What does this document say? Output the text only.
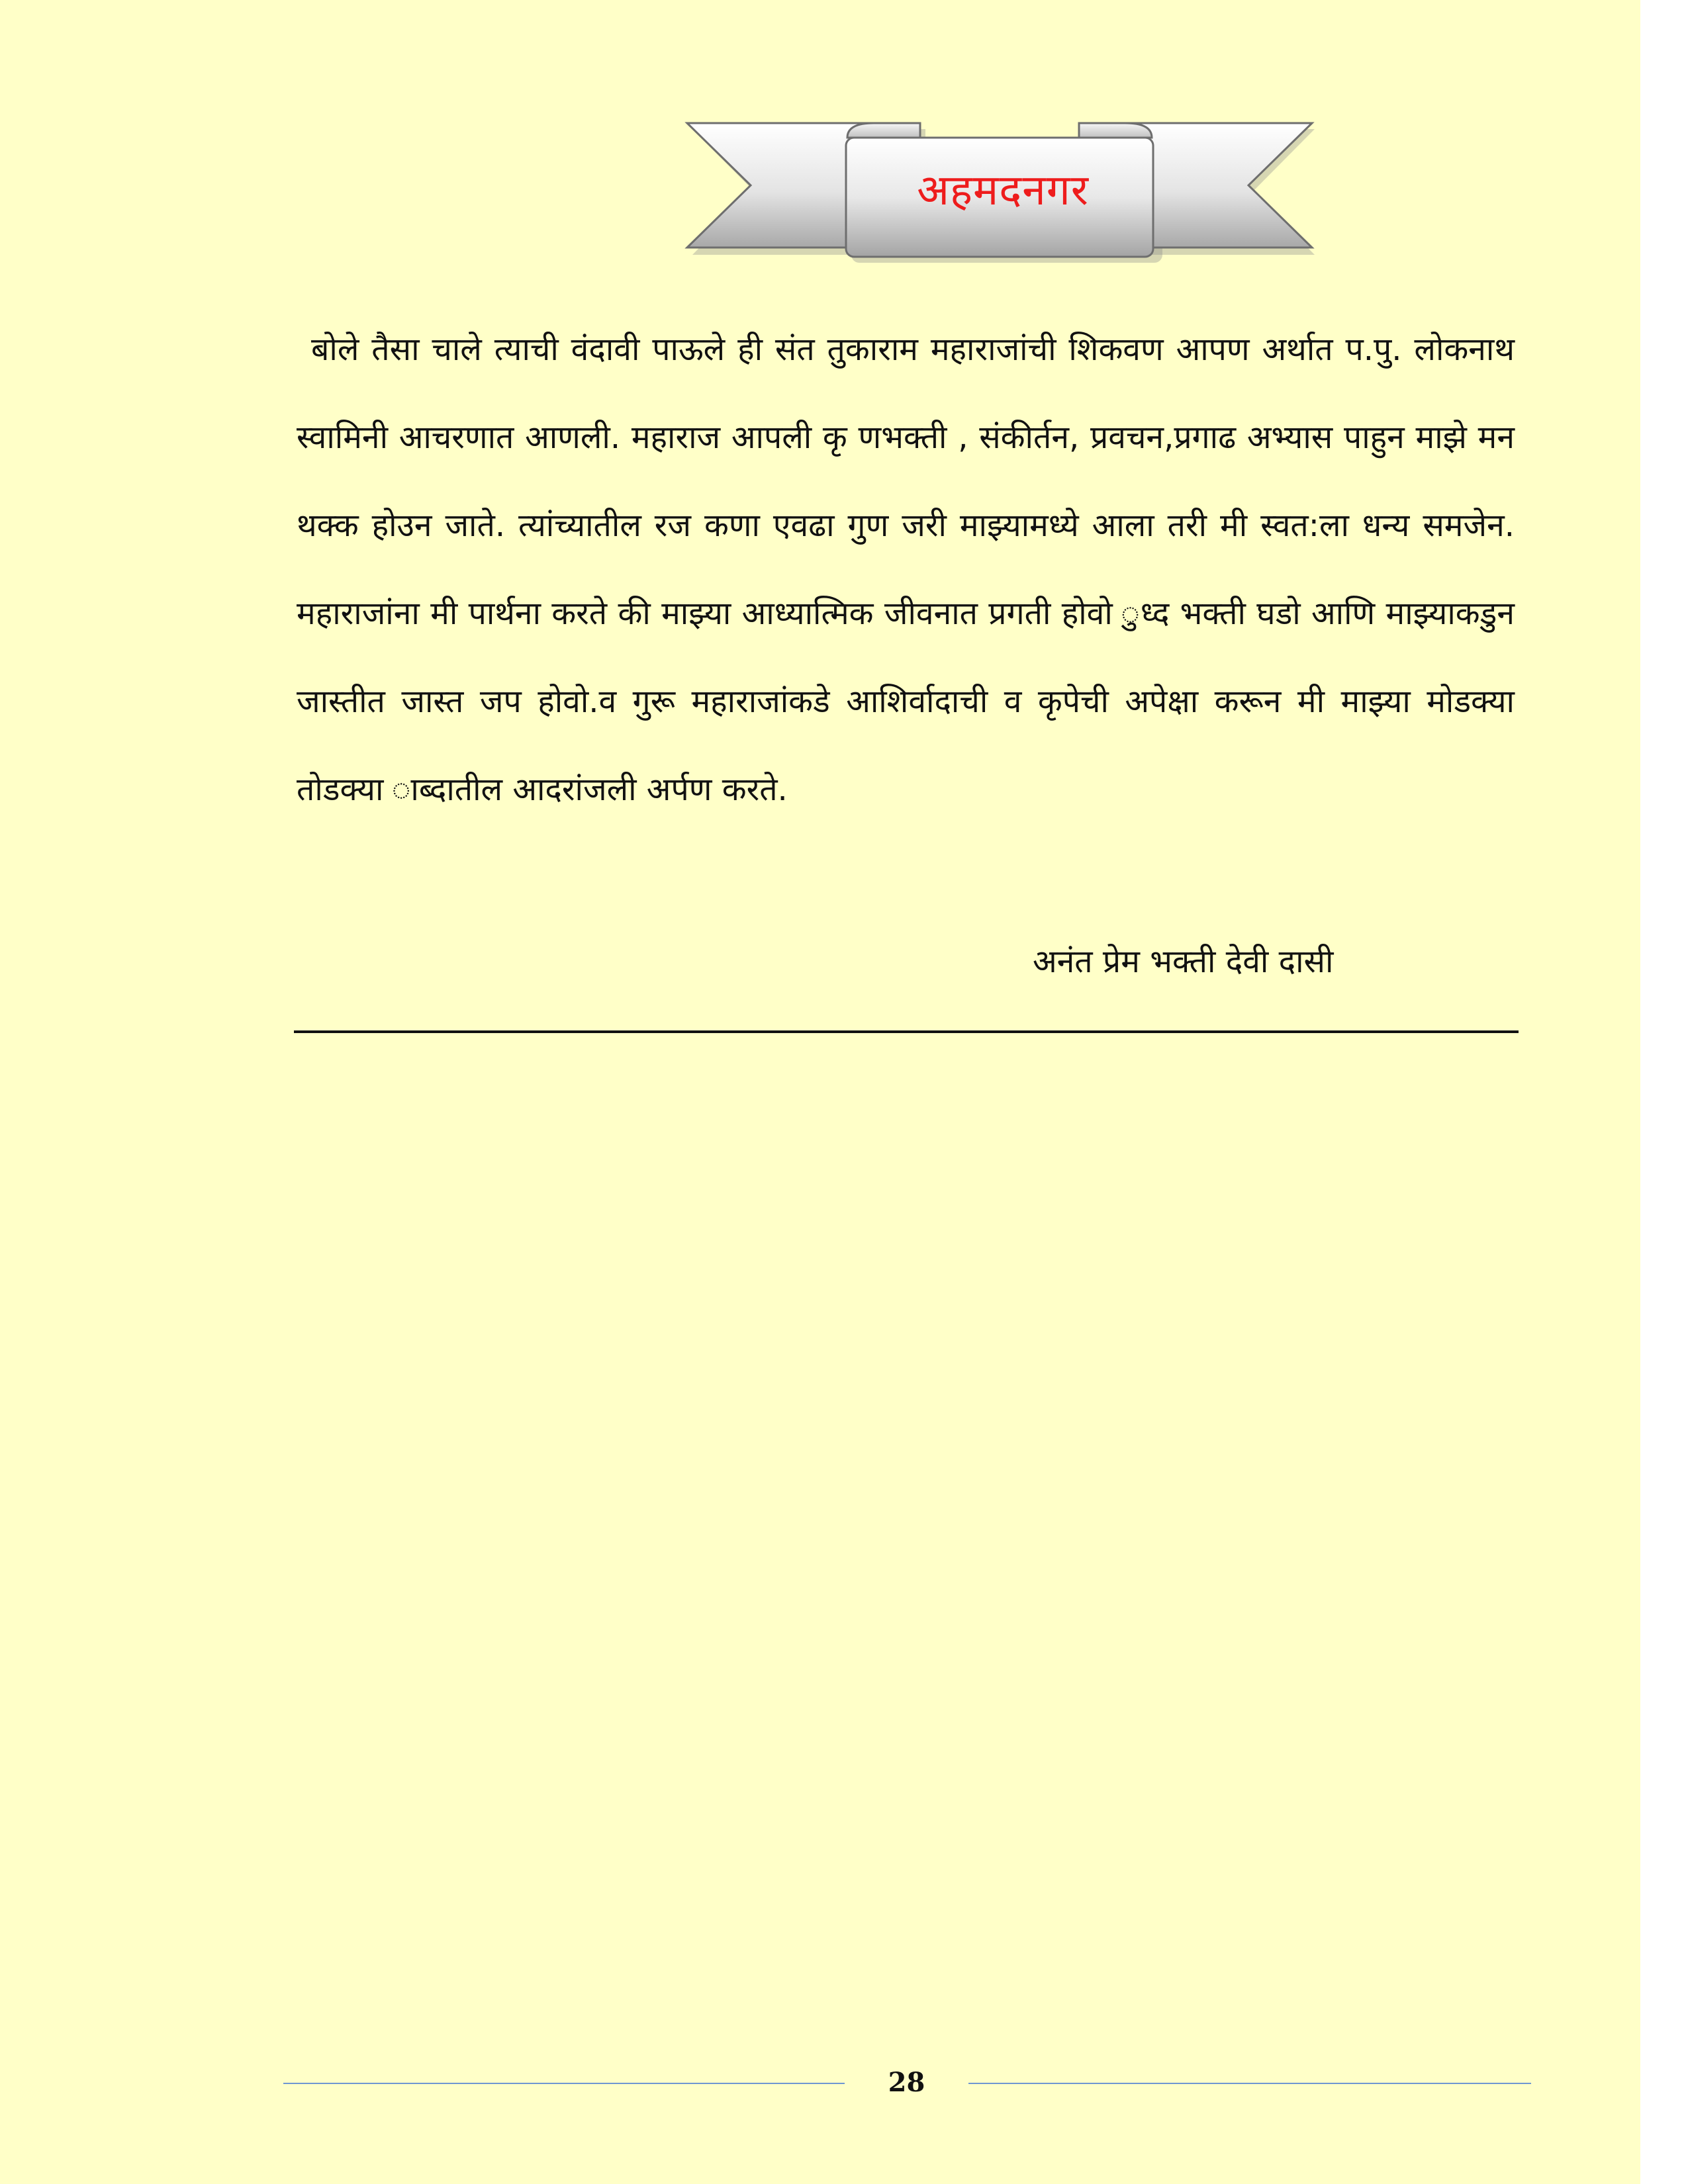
अहमदनगर
बोले तैसा चाले त्याची वंदावी पाऊले ही संत तुकाराम महाराजांची शिकवण आपण अर्थात प.पु. लोकनाथ स्वामिनी आचरणात आणली. महाराज आपली कृ णभक्ती , संकीर्तन, प्रवचन,प्रगाढ अभ्यास पाहुन माझे मन थक्क होउन जाते. त्यांच्यातील रज कणा एवढा गुण जरी माझ्यामध्ये आला तरी मी स्वत:ला धन्य समजेन. महाराजांना मी पार्थना करते की माझ्या आध्यात्मिक जीवनात प्रगती होवो ुध्द भक्ती घडो आणि माझ्याकडुन जास्तीत जास्त जप होवो.व गुरू महाराजांकडे आशिर्वादाची व कृपेची अपेक्षा करून मी माझ्या मोडक्या तोडक्या ाब्दातील आदरांजली अर्पण करते.
अनंत प्रेम भक्ती देवी दासी
28
